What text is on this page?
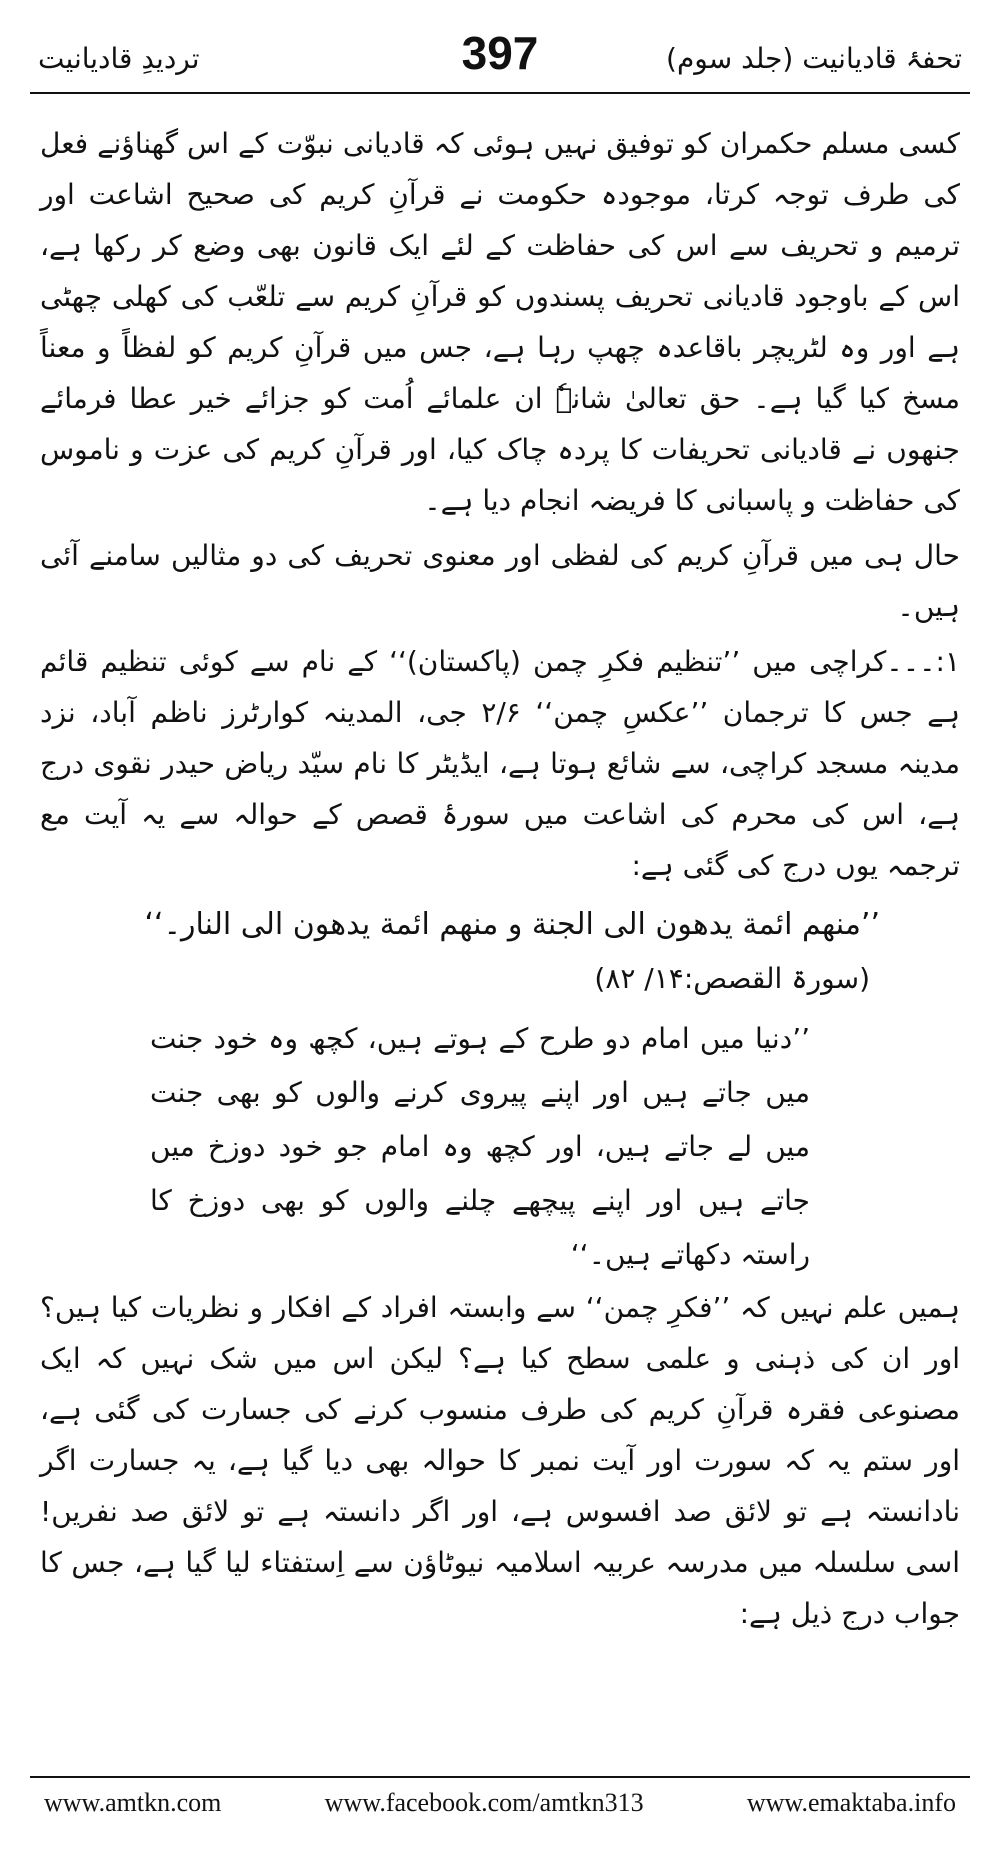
تحفۂ قادیانیت (جلد سوم)
397
تردیدِ قادیانیت

کسی مسلم حکمران کو توفیق نہیں ہوئی کہ قادیانی نبوّت کے اس گھناؤنے فعل کی طرف توجہ کرتا، موجودہ حکومت نے قرآنِ کریم کی صحیح اشاعت اور ترمیم و تحریف سے اس کی حفاظت کے لئے ایک قانون بھی وضع کر رکھا ہے، اس کے باوجود قادیانی تحریف پسندوں کو قرآنِ کریم سے تلعّب کی کھلی چھٹی ہے اور وہ لٹریچر باقاعدہ چھپ رہا ہے، جس میں قرآنِ کریم کو لفظاً و معناً مسخ کیا گیا ہے۔ حق تعالیٰ شانہٗ ان علمائے اُمت کو جزائے خیر عطا فرمائے جنھوں نے قادیانی تحریفات کا پردہ چاک کیا، اور قرآنِ کریم کی عزت و ناموس کی حفاظت و پاسبانی کا فریضہ انجام دیا ہے۔

حال ہی میں قرآنِ کریم کی لفظی اور معنوی تحریف کی دو مثالیں سامنے آئی ہیں۔

۱:۔۔۔کراچی میں ’’تنظیم فکرِ چمن (پاکستان)‘‘ کے نام سے کوئی تنظیم قائم ہے جس کا ترجمان ’’عکسِ چمن‘‘ ۲/۶ جی، المدینہ کوارٹرز ناظم آباد، نزد مدینہ مسجد کراچی، سے شائع ہوتا ہے، ایڈیٹر کا نام سیّد ریاض حیدر نقوی درج ہے، اس کی محرم کی اشاعت میں سورۂ قصص کے حوالہ سے یہ آیت مع ترجمہ یوں درج کی گئی ہے:

’’منھم ائمة یدھون الی الجنة و منھم ائمة یدھون الی النار۔‘‘
(سورۃ القصص:۱۴/ ۸۲)
’’دنیا میں امام دو طرح کے ہوتے ہیں، کچھ وہ خود جنت میں جاتے ہیں اور اپنے پیروی کرنے والوں کو بھی جنت میں لے جاتے ہیں، اور کچھ وہ امام جو خود دوزخ میں جاتے ہیں اور اپنے پیچھے چلنے والوں کو بھی دوزخ کا راستہ دکھاتے ہیں۔‘‘

ہمیں علم نہیں کہ ’’فکرِ چمن‘‘ سے وابستہ افراد کے افکار و نظریات کیا ہیں؟ اور ان کی ذہنی و علمی سطح کیا ہے؟ لیکن اس میں شک نہیں کہ ایک مصنوعی فقرہ قرآنِ کریم کی طرف منسوب کرنے کی جسارت کی گئی ہے، اور ستم یہ کہ سورت اور آیت نمبر کا حوالہ بھی دیا گیا ہے، یہ جسارت اگر نادانستہ ہے تو لائق صد افسوس ہے، اور اگر دانستہ ہے تو لائق صد نفریں! اسی سلسلہ میں مدرسہ عربیہ اسلامیہ نیوٹاؤن سے اِستفتاء لیا گیا ہے، جس کا جواب درج ذیل ہے:

www.amtkn.com	www.facebook.com/amtkn313	www.emaktaba.info
